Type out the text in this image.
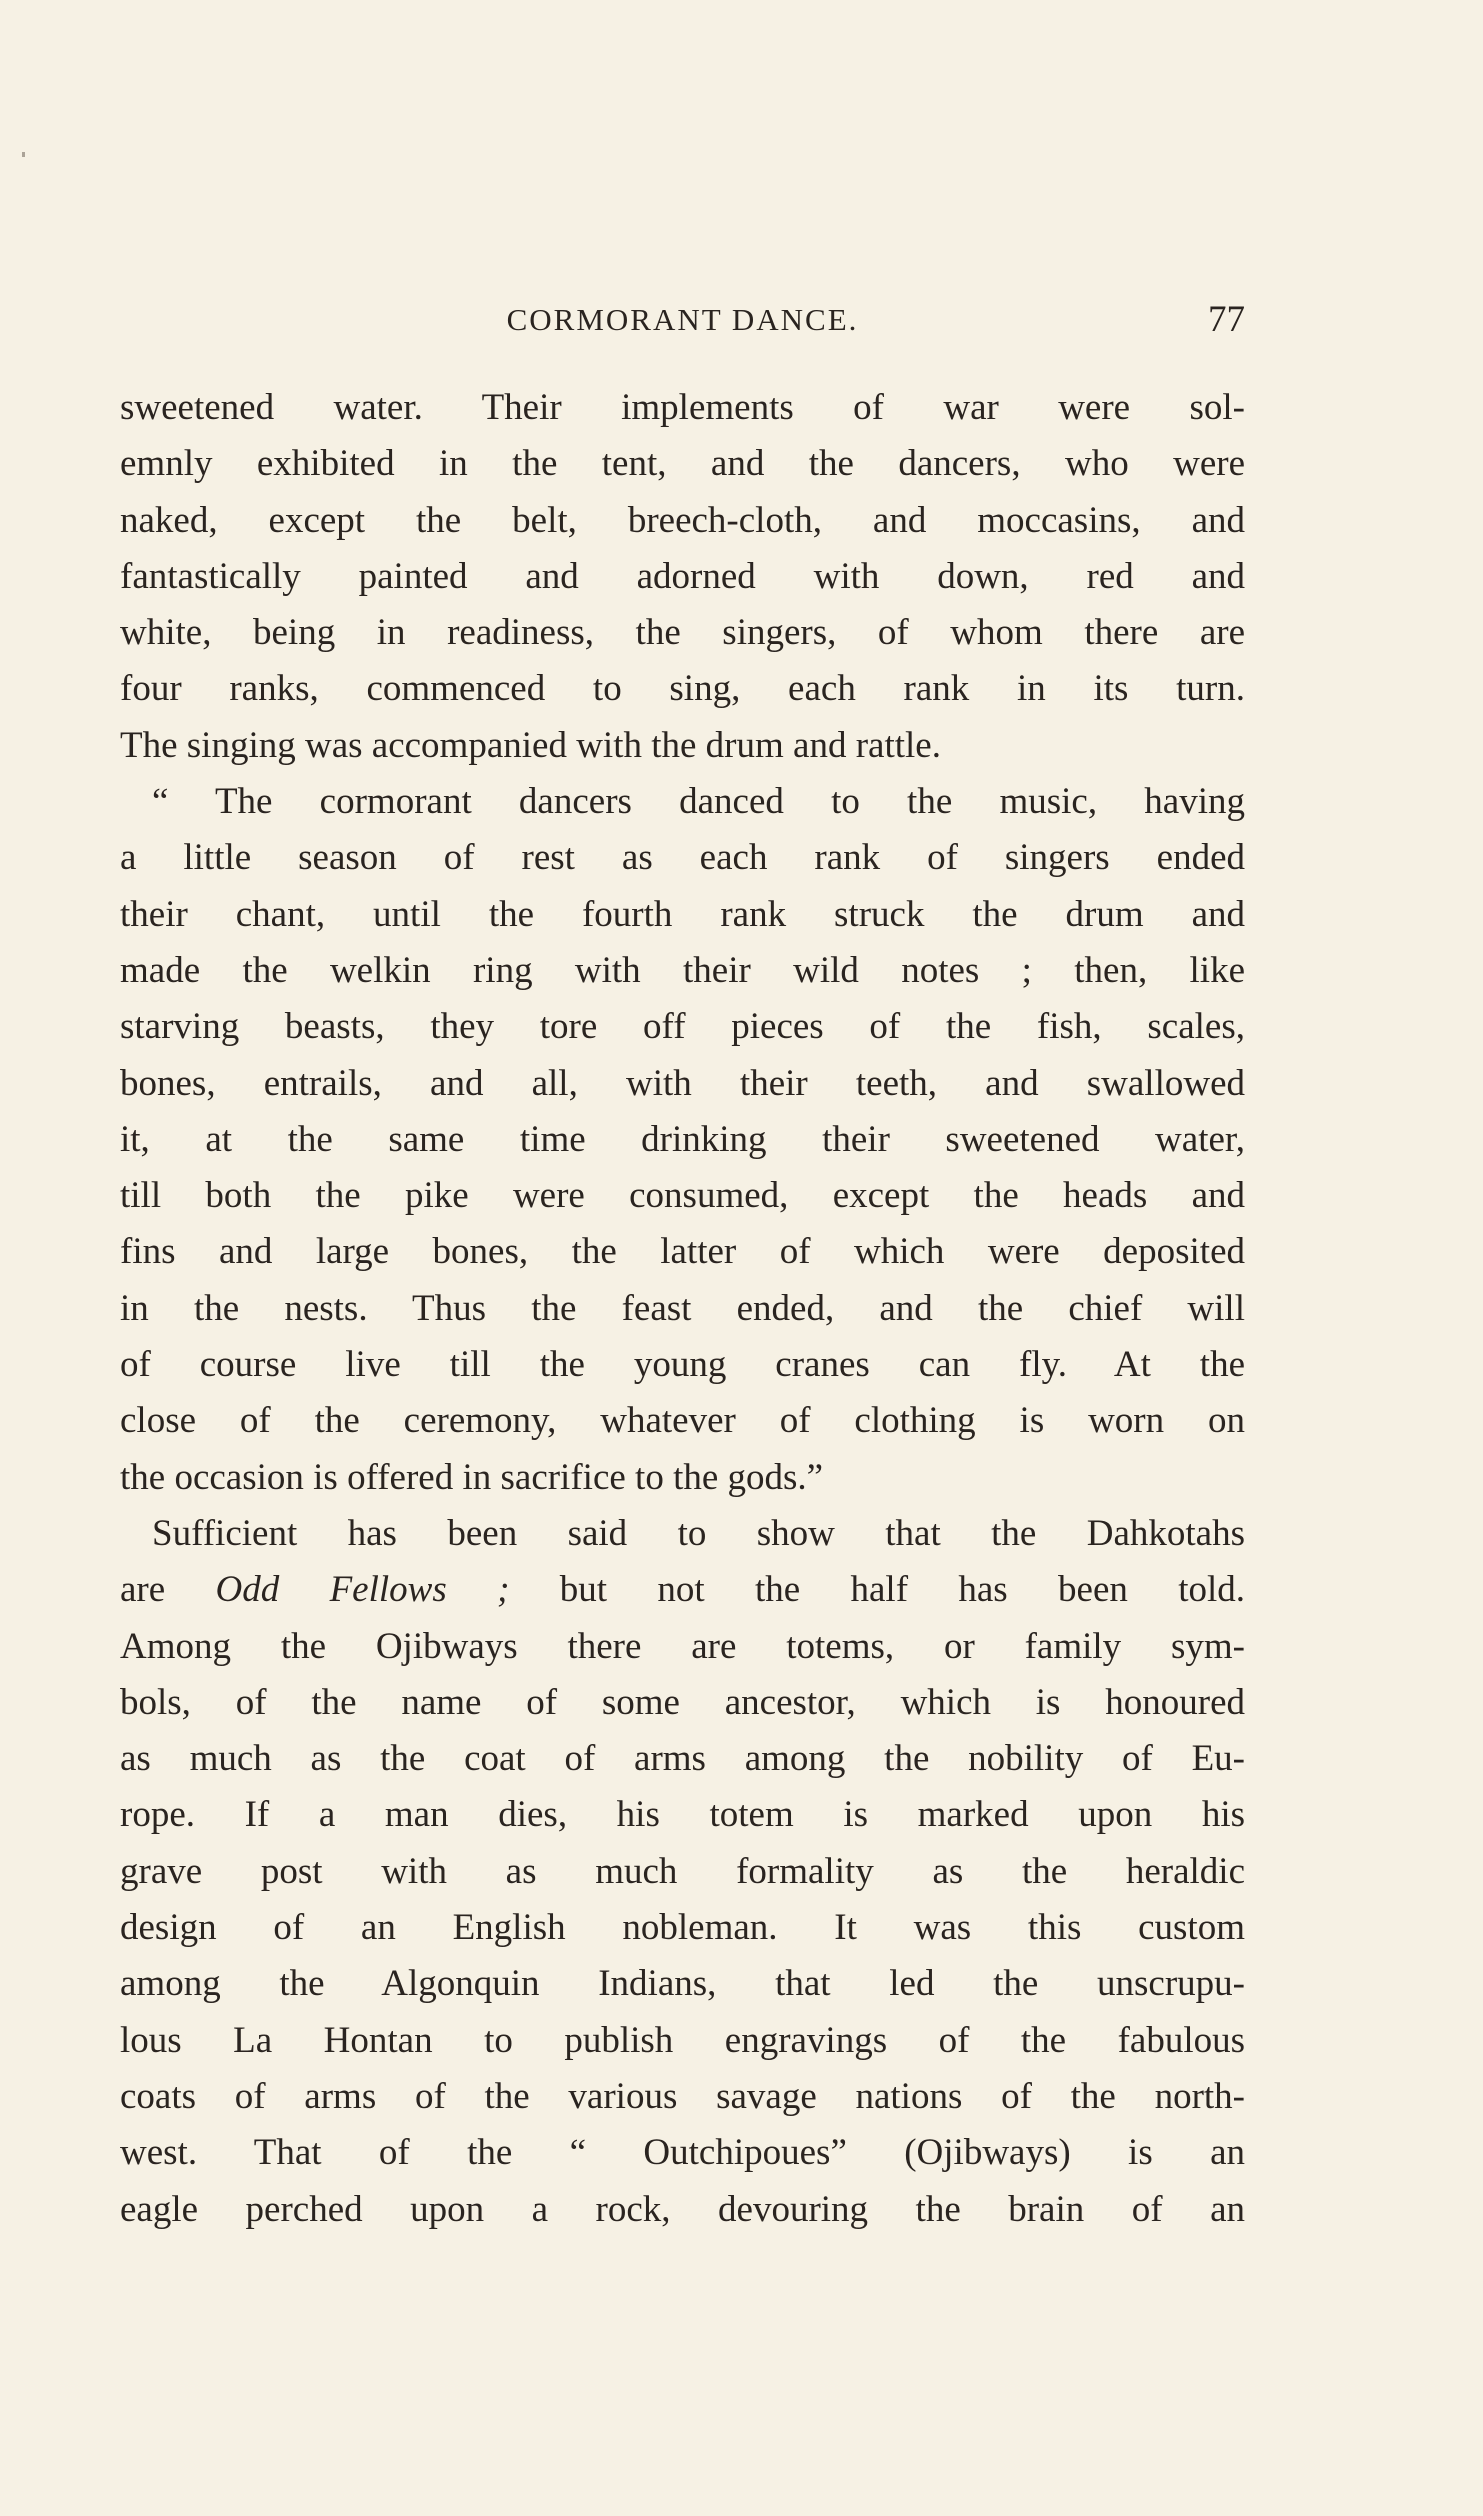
CORMORANT DANCE.	77
sweetened water. Their implements of war were sol-
emnly exhibited in the tent, and the dancers, who were
naked, except the belt, breech-cloth, and moccasins, and
fantastically painted and adorned with down, red and
white, being in readiness, the singers, of whom there are
four ranks, commenced to sing, each rank in its turn.
The singing was accompanied with the drum and rattle.
“ The cormorant dancers danced to the music, having
a little season of rest as each rank of singers ended
their chant, until the fourth rank struck the drum and
made the welkin ring with their wild notes ; then, like
starving beasts, they tore off pieces of the fish, scales,
bones, entrails, and all, with their teeth, and swallowed
it, at the same time drinking their sweetened water,
till both the pike were consumed, except the heads and
fins and large bones, the latter of which were deposited
in the nests. Thus the feast ended, and the chief will
of course live till the young cranes can fly. At the
close of the ceremony, whatever of clothing is worn on
the occasion is offered in sacrifice to the gods.”
Sufficient has been said to show that the Dahkotahs
are Odd Fellows ; but not the half has been told.
Among the Ojibways there are totems, or family sym-
bols, of the name of some ancestor, which is honoured
as much as the coat of arms among the nobility of Eu-
rope. If a man dies, his totem is marked upon his
grave post with as much formality as the heraldic
design of an English nobleman. It was this custom
among the Algonquin Indians, that led the unscrupu-
lous La Hontan to publish engravings of the fabulous
coats of arms of the various savage nations of the north-
west. That of the “ Outchipoues” (Ojibways) is an
eagle perched upon a rock, devouring the brain of an
